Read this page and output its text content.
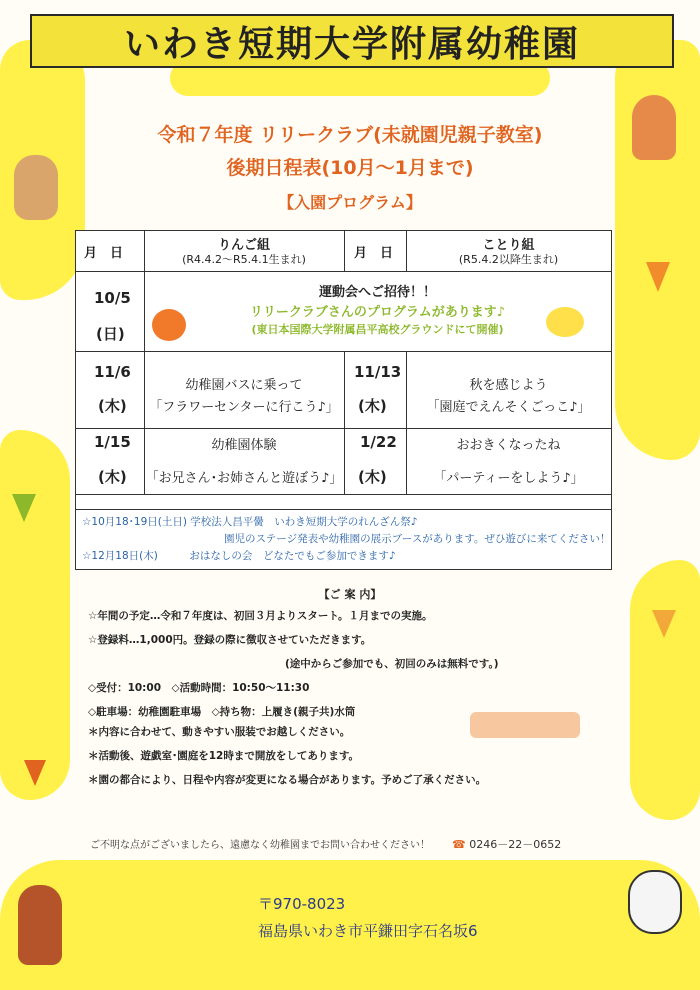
いわき短期大学附属幼稚園
令和７年度 リリークラブ(未就園児親子教室)
後期日程表(10月～1月まで)
【入園プログラム】
月　日
りんご組
(R4.4.2～R5.4.1生まれ)	月　日
ことり組
(R5.4.2以降生まれ)
10/5
(日)
運動会へご招待！！
リリークラブさんのプログラムがあります♪
(東日本国際大学附属昌平高校グラウンドにて開催)
11/6
(木)
幼稚園バスに乗って
「フラワーセンターに行こう♪」
11/13
(木)
秋を感じよう
「園庭でえんそくごっこ♪」
1/15
(木)
幼稚園体験
「お兄さん･お姉さんと遊ぼう♪」
1/22
(木)
おおきくなったね
「パーティーをしよう♪」
☆10月18･19日(土日) 学校法人昌平黌　いわき短期大学のれんざん祭♪
園児のステージ発表や幼稚園の展示ブースがあります。ぜひ遊びに来てください！
☆12月18日(木)　　　おはなしの会　どなたでもご参加できます♪
【ご 案 内】
☆年間の予定…令和７年度は、初回３月よりスタート。１月までの実施。
☆登録料…1,000円。登録の際に徴収させていただきます。
(途中からご参加でも、初回のみは無料です。)
◇受付：10:00　◇活動時間：10:50～11:30
◇駐車場：幼稚園駐車場　◇持ち物：上履き(親子共)水筒
＊内容に合わせて、動きやすい服装でお越しください。
＊活動後、遊戯室･園庭を12時まで開放をしてあります。
＊園の都合により、日程や内容が変更になる場合があります。予めご了承ください。
ご不明な点がございましたら、遠慮なく幼稚園までお問い合わせください！ ☎ 0246－22－0652
〒970-8023
福島県いわき市平鎌田字石名坂6
